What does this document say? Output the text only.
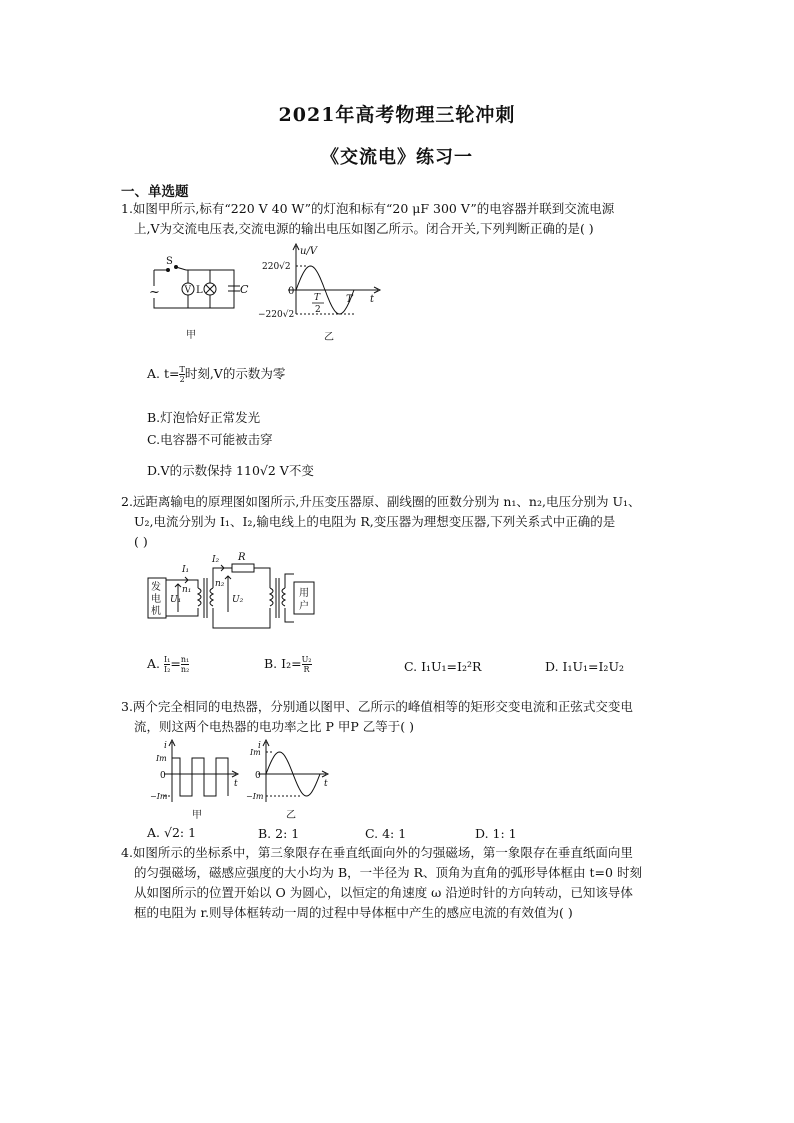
2021年高考物理三轮冲刺
《交流电》练习一
一、单选题
1.如图甲所示,标有“220 V 40 W”的灯泡和标有“20 μF 300 V”的电容器并联到交流电源
上,V为交流电压表,交流电源的输出电压如图乙所示。闭合开关,下列判断正确的是( )
S
~	V L	C
甲
u/V
220√2
−220√2
0
t
T
T
2
乙
A. $t= \frac{T}{2}$ 时刻,V的示数为零
B.灯泡恰好正常发光
C.电容器不可能被击穿
D.V的示数保持 110√2 V不变
2.远距离输电的原理图如图所示,升压变压器原、副线圈的匝数分别为 n₁、n₂,电压分别为 U₁、
U₂,电流分别为 I₁、I₂,输电线上的电阻为 R,变压器为理想变压器,下列关系式中正确的是
( )
发
电
机
用
户
I₁
I₂
n₁
n₂
U₁	U₂
R
A. $\frac{\text{I₁}}{\text{I₂}} = \frac{\text{n₁}}{\text{n₂}}$	B. $I_2= \frac{\text{U₂}}{R}$	C. I₁U₁=I₂²R	D. I₁U₁=I₂U₂
3.两个完全相同的电热器，分别通以图甲、乙所示的峰值相等的矩形交变电流和正弦式交变电
流，则这两个电热器的电功率之比 P 甲P 乙等于( )
i
Im
0
−Im
t
甲
i
Im
0
−Im
t
乙
A. √2: 1	B. 2: 1	C. 4: 1	D. 1: 1
4.如图所示的坐标系中，第三象限存在垂直纸面向外的匀强磁场，第一象限存在垂直纸面向里
的匀强磁场，磁感应强度的大小均为 B，一半径为 R、顶角为直角的弧形导体框由 t=0 时刻
从如图所示的位置开始以 O 为圆心，以恒定的角速度 ω 沿逆时针的方向转动，已知该导体
框的电阻为 r.则导体框转动一周的过程中导体框中产生的感应电流的有效值为( )
